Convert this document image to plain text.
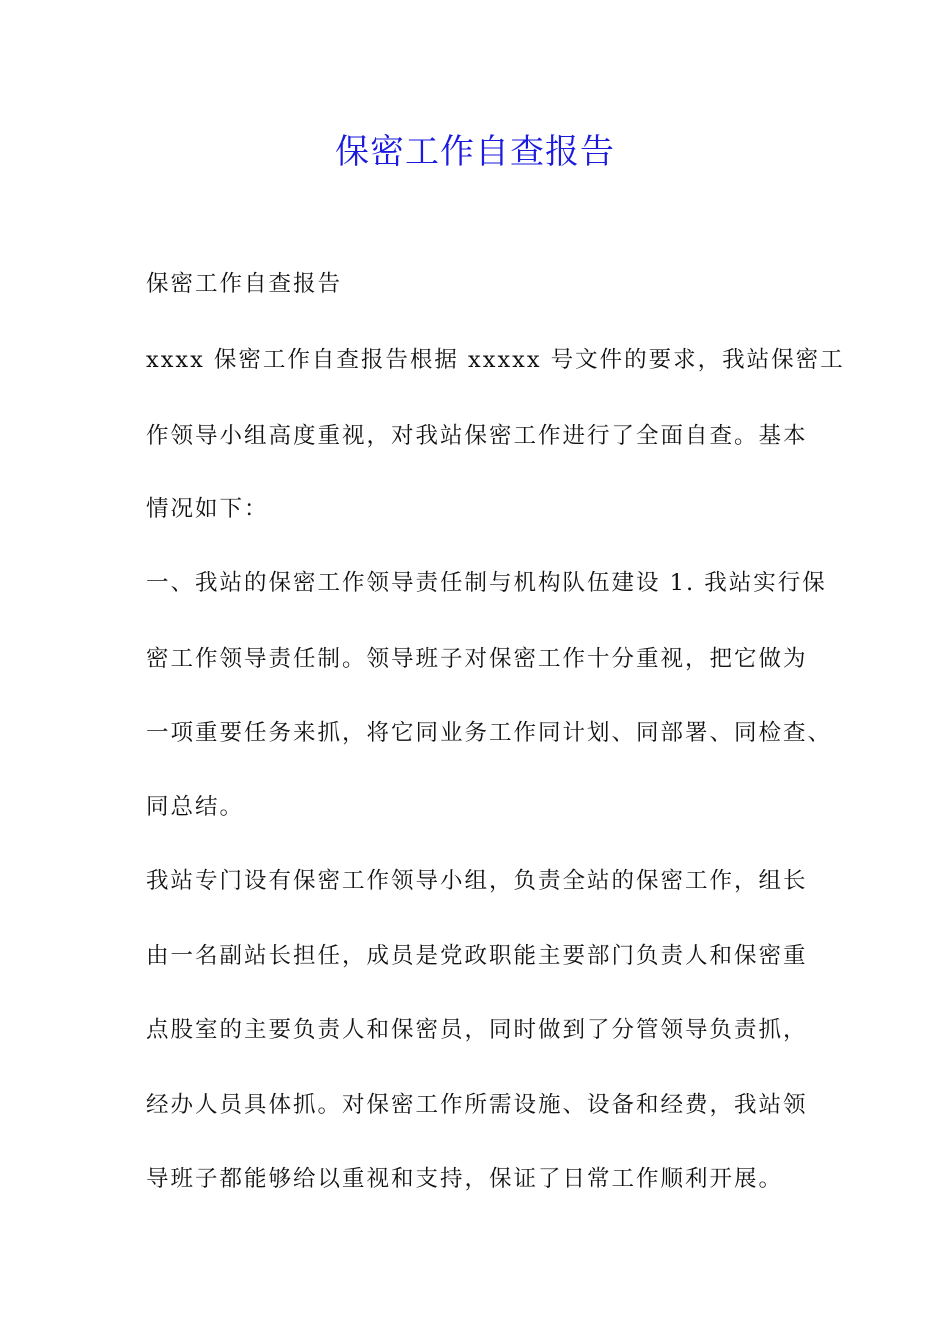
保密工作自查报告

保密工作自查报告

xxxx 保密工作自查报告根据 xxxxx 号文件的要求，我站保密工

作领导小组高度重视，对我站保密工作进行了全面自查。基本

情况如下：

一、我站的保密工作领导责任制与机构队伍建设 1. 我站实行保

密工作领导责任制。领导班子对保密工作十分重视，把它做为

一项重要任务来抓，将它同业务工作同计划、同部署、同检查、

同总结。

我站专门设有保密工作领导小组，负责全站的保密工作，组长

由一名副站长担任，成员是党政职能主要部门负责人和保密重

点股室的主要负责人和保密员，同时做到了分管领导负责抓，

经办人员具体抓。对保密工作所需设施、设备和经费，我站领

导班子都能够给以重视和支持，保证了日常工作顺利开展。
